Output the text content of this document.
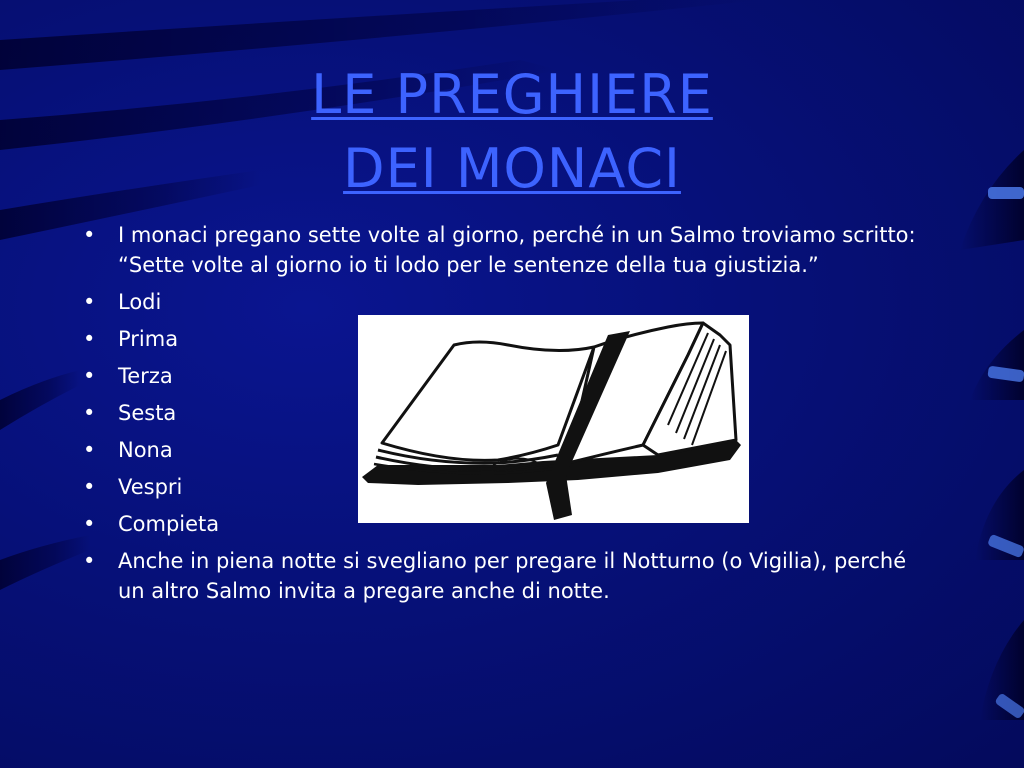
LE PREGHIERE
DEI MONACI
• I monaci pregano sette volte al giorno, perché in un Salmo troviamo scritto: “Sette volte al giorno io ti lodo per le sentenze della tua giustizia.”
• Lodi
• Prima
• Terza
• Sesta
• Nona
• Vespri
• Compieta
• Anche in piena notte si svegliano per pregare il Notturno (o Vigilia), perché un altro Salmo invita a pregare anche di notte.
